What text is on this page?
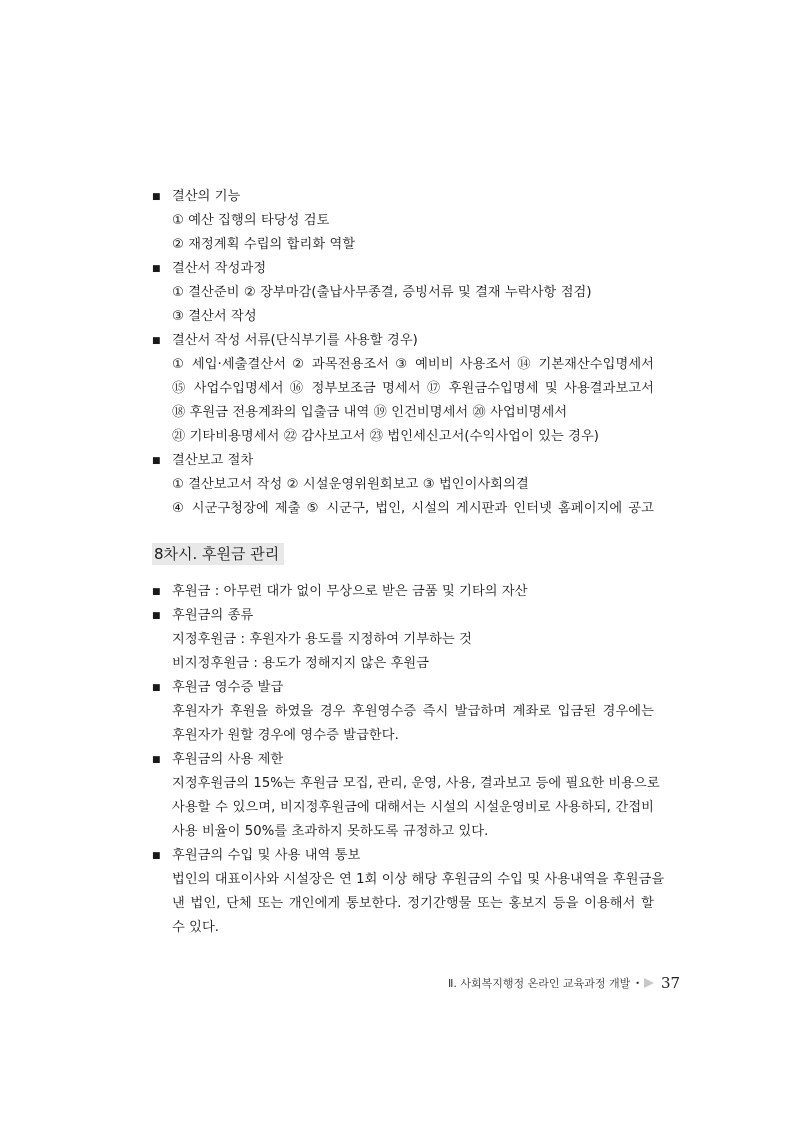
결산의 기능
① 예산 집행의 타당성 검토
② 재정계획 수립의 합리화 역할
결산서 작성과정
① 결산준비 ② 장부마감(출납사무종결, 증빙서류 및 결재 누락사항 점검)
③ 결산서 작성
결산서 작성 서류(단식부기를 사용할 경우)
① 세입·세출결산서 ② 과목전용조서 ③ 예비비 사용조서 ⑭ 기본재산수입명세서
⑮ 사업수입명세서 ⑯ 정부보조금 명세서 ⑰ 후원금수입명세 및 사용결과보고서
⑱ 후원금 전용계좌의 입출금 내역 ⑲ 인건비명세서 ⑳ 사업비명세서
㉑ 기타비용명세서 ㉒ 감사보고서 ㉓ 법인세신고서(수익사업이 있는 경우)
결산보고 절차
① 결산보고서 작성 ② 시설운영위원회보고 ③ 법인이사회의결
④ 시군구청장에 제출 ⑤ 시군구, 법인, 시설의 게시판과 인터넷 홈페이지에 공고
8차시. 후원금 관리
후원금 : 아무런 대가 없이 무상으로 받은 금품 및 기타의 자산
후원금의 종류
지정후원금 : 후원자가 용도를 지정하여 기부하는 것
비지정후원금 : 용도가 정해지지 않은 후원금
후원금 영수증 발급
후원자가 후원을 하였을 경우 후원영수증 즉시 발급하며 계좌로 입금된 경우에는
후원자가 원할 경우에 영수증 발급한다.
후원금의 사용 제한
지정후원금의 15%는 후원금 모집, 관리, 운영, 사용, 결과보고 등에 필요한 비용으로
사용할 수 있으며, 비지정후원금에 대해서는 시설의 시설운영비로 사용하되, 간접비
사용 비율이 50%를 초과하지 못하도록 규정하고 있다.
후원금의 수입 및 사용 내역 통보
법인의 대표이사와 시설장은 연 1회 이상 해당 후원금의 수입 및 사용내역을 후원금을
낸 법인, 단체 또는 개인에게 통보한다. 정기간행물 또는 홍보지 등을 이용해서 할
수 있다.
Ⅱ. 사회복지행정 온라인 교육과정 개발 • 37
